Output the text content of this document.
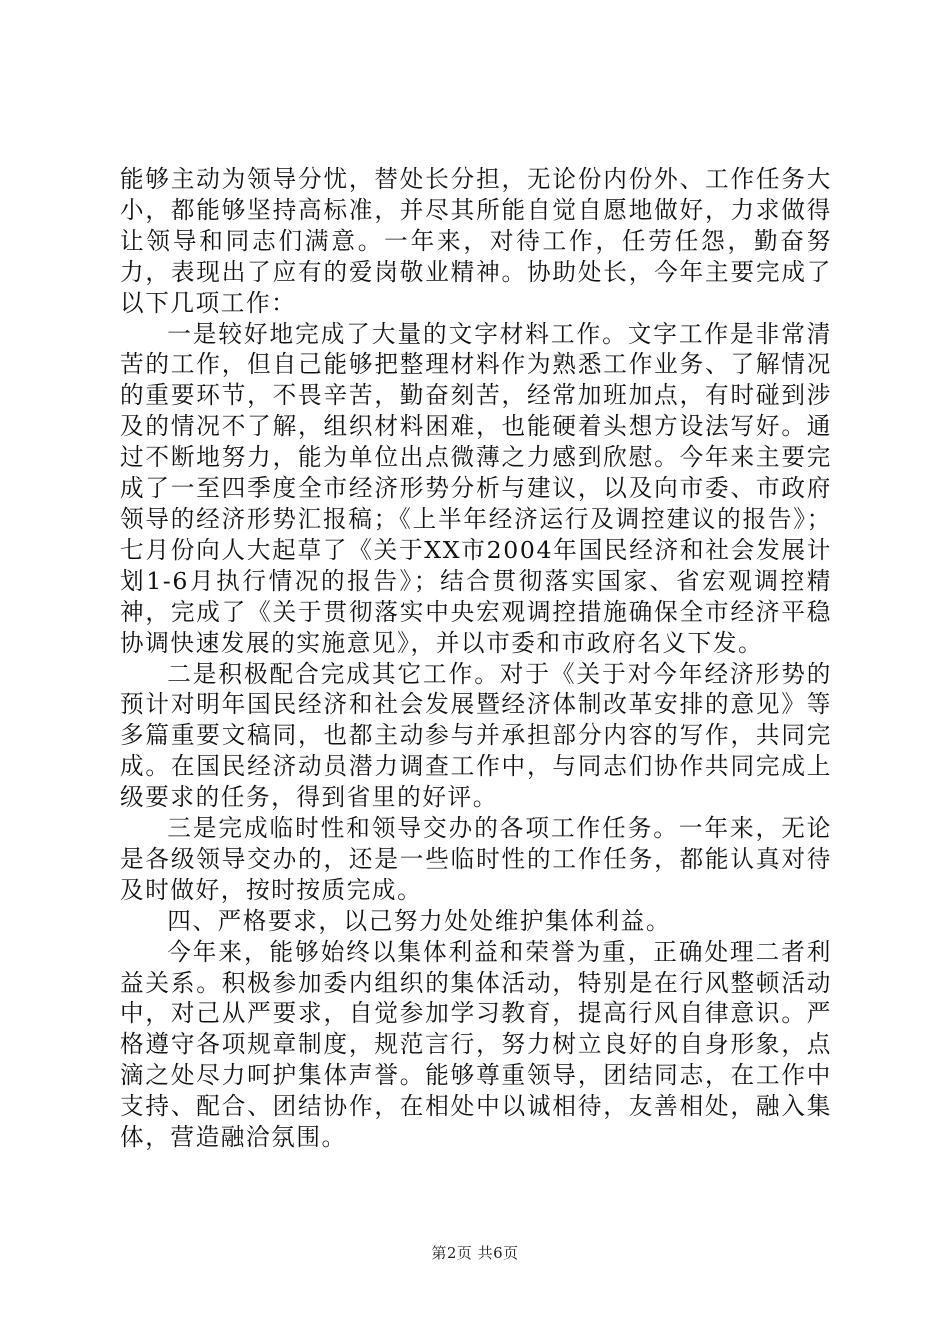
能够主动为领导分忧，替处长分担，无论份内份外、工作任务大小，都能够坚持高标准，并尽其所能自觉自愿地做好，力求做得让领导和同志们满意。一年来，对待工作，任劳任怨，勤奋努力，表现出了应有的爱岗敬业精神。协助处长，今年主要完成了以下几项工作：

一是较好地完成了大量的文字材料工作。文字工作是非常清苦的工作，但自己能够把整理材料作为熟悉工作业务、了解情况的重要环节，不畏辛苦，勤奋刻苦，经常加班加点，有时碰到涉及的情况不了解，组织材料困难，也能硬着头想方设法写好。通过不断地努力，能为单位出点微薄之力感到欣慰。今年来主要完成了一至四季度全市经济形势分析与建议，以及向市委、市政府领导的经济形势汇报稿；《上半年经济运行及调控建议的报告》；七月份向人大起草了《关于XX市2004年国民经济和社会发展计划1-6月执行情况的报告》；结合贯彻落实国家、省宏观调控精神，完成了《关于贯彻落实中央宏观调控措施确保全市经济平稳协调快速发展的实施意见》，并以市委和市政府名义下发。

二是积极配合完成其它工作。对于《关于对今年经济形势的预计对明年国民经济和社会发展暨经济体制改革安排的意见》等多篇重要文稿同，也都主动参与并承担部分内容的写作，共同完成。在国民经济动员潜力调查工作中，与同志们协作共同完成上级要求的任务，得到省里的好评。

三是完成临时性和领导交办的各项工作任务。一年来，无论是各级领导交办的，还是一些临时性的工作任务，都能认真对待及时做好，按时按质完成。

四、严格要求，以己努力处处维护集体利益。

今年来，能够始终以集体利益和荣誉为重，正确处理二者利益关系。积极参加委内组织的集体活动，特别是在行风整顿活动中，对己从严要求，自觉参加学习教育，提高行风自律意识。严格遵守各项规章制度，规范言行，努力树立良好的自身形象，点滴之处尽力呵护集体声誉。能够尊重领导，团结同志，在工作中支持、配合、团结协作，在相处中以诚相待，友善相处，融入集体，营造融洽氛围。

第2页 共6页
